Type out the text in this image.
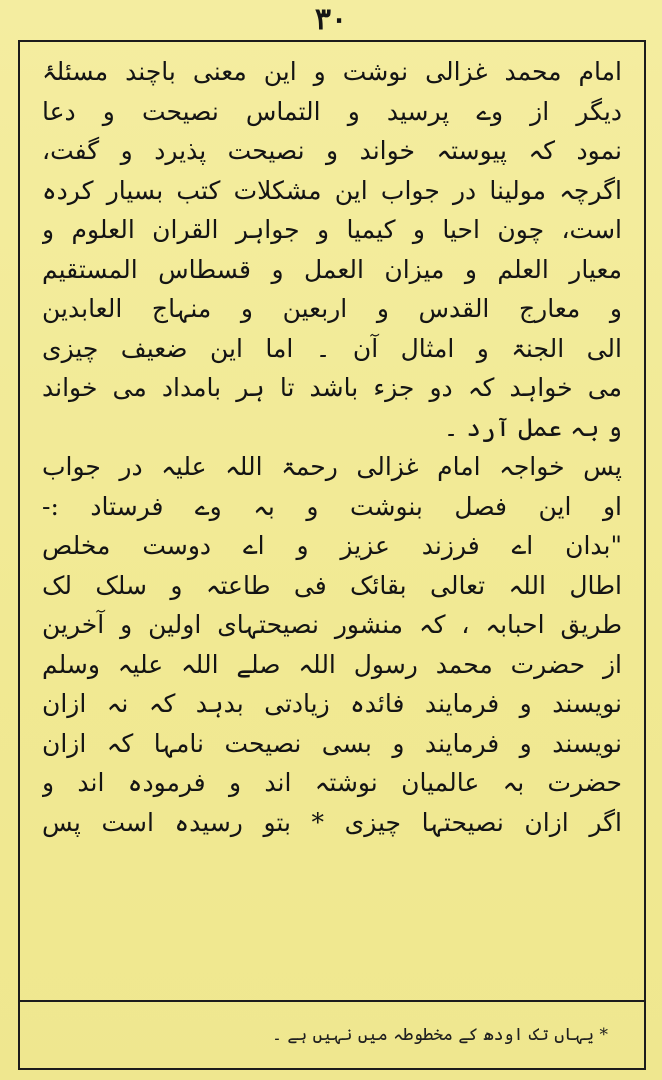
۳۰
امام محمد غزالی نوشت و این معنی باچند مسئلۂ
دیگر از وے پرسید و التماس نصیحت و دعا
نمود کہ پیوستہ خواند و نصیحت پذیرد و گفت،
اگرچہ مولینا در جواب این مشکلات کتب بسیار کردہ
است، چون احیا و کیمیا و جواہر القران العلوم و
معیار العلم و میزان العمل و قسطاس المستقیم
و معارج القدس و اربعین و منہاج العابدین
الی الجنۃ و امثال آن ۔ اما این ضعیف چیزی
می خواہد کہ دو جزء باشد تا ہر بامداد می خواند
و بہ عمل آرد ۔
پس خواجہ امام غزالی رحمۃ اللہ علیہ در جواب
او این فصل بنوشت و بہ وے فرستاد :-
"بدان اے فرزند عزیز و اے دوست مخلص
اطال اللہ تعالی بقائک فی طاعتہ و سلک لک
طریق احبابہ ، کہ منشور نصیحتہای اولین و آخرین
از حضرت محمد رسول اللہ صلے اللہ علیہ وسلم
نویسند و فرمایند فائدہ زیادتی بدہد کہ نہ ازان
نویسند و فرمایند و بسی نصیحت نامہا کہ ازان
حضرت بہ عالمیان نوشتہ اند و فرمودہ اند و
اگر ازان نصیحتہا چیزی * بتو رسیدہ است پس
* یہاں تک اودھ کے مخطوطہ میں نہیں ہے ۔
